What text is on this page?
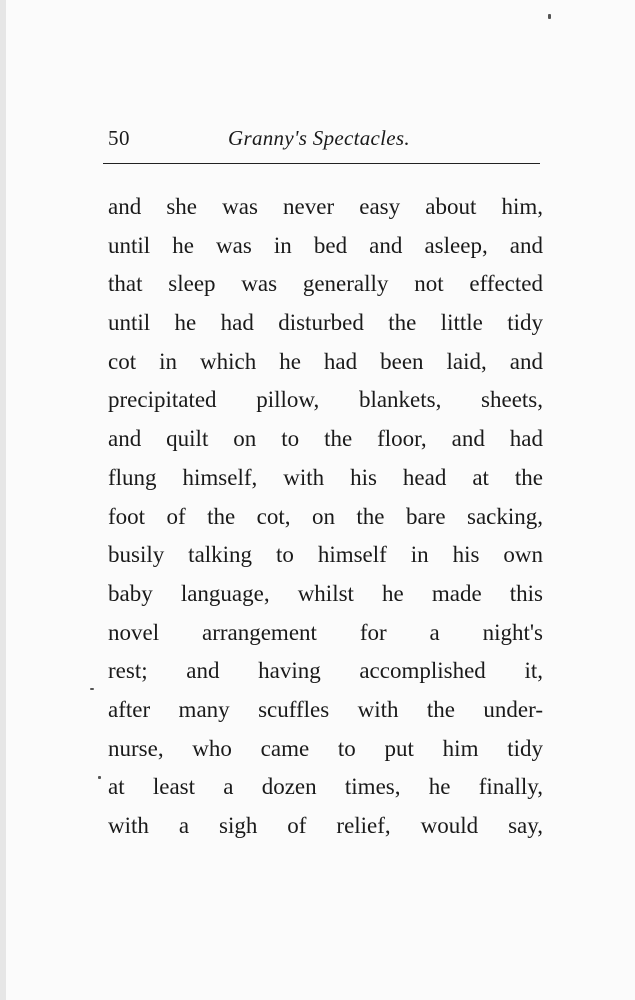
50	Granny's Spectacles.
and she was never easy about him,
until he was in bed and asleep, and
that sleep was generally not effected
until he had disturbed the little tidy
cot in which he had been laid, and
precipitated pillow, blankets, sheets,
and quilt on to the floor, and had
flung himself, with his head at the
foot of the cot, on the bare sacking,
busily talking to himself in his own
baby language, whilst he made this
novel arrangement for a night's
rest; and having accomplished it,
after many scuffles with the under-
nurse, who came to put him tidy
at least a dozen times, he finally,
with a sigh of relief, would say,
